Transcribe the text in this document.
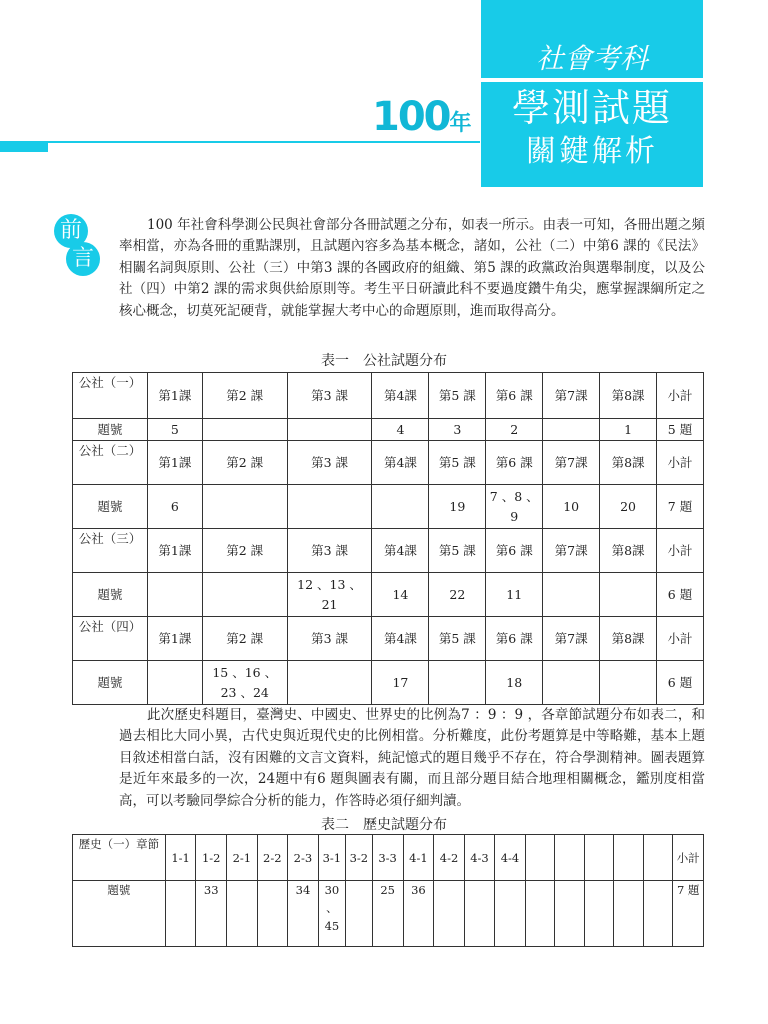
100年
社會考科
學測試題
關鍵解析
前
言

100 年社會科學測公民與社會部分各冊試題之分布，如表一所示。由表一可知，各冊出題之頻率相當，亦為各冊的重點課別，且試題內容多為基本概念，諸如，公社（二）中第6 課的《民法》相關名詞與原則、公社（三）中第3 課的各國政府的組織、第5 課的政黨政治與選舉制度，以及公社（四）中第2 課的需求與供給原則等。考生平日研讀此科不要過度鑽牛角尖，應掌握課綱所定之核心概念，切莫死記硬背，就能掌握大考中心的命題原則，進而取得高分。

表一　公社試題分布
公社（一）	第1課	第2 課	第3 課	第4課	第5 課	第6 課	第7課	第8課	小計
題號	5			4	3	2		1	5 題
公社（二）	第1課	第2 課	第3 課	第4課	第5 課	第6 課	第7課	第8課	小計
題號	6				19	7 、8 、9	10	20	7 題
公社（三）	第1課	第2 課	第3 課	第4課	第5 課	第6 課	第7課	第8課	小計
題號			12 、13 、21	14	22	11			6 題
公社（四）	第1課	第2 課	第3 課	第4課	第5 課	第6 課	第7課	第8課	小計
題號		15 、16 、23 、24		17		18			6 題

此次歷史科題目，臺灣史、中國史、世界史的比例為7 ：9 ：9 ，各章節試題分布如表二，和過去相比大同小異，古代史與近現代史的比例相當。分析難度，此份考題算是中等略難，基本上題目敘述相當白話，沒有困難的文言文資料，純記憶式的題目幾乎不存在，符合學測精神。圖表題算是近年來最多的一次，24題中有6 題與圖表有關，而且部分題目結合地理相關概念，鑑別度相當高，可以考驗同學綜合分析的能力，作答時必須仔細判讀。

表二　歷史試題分布
歷史（一）章節	1-1	1-2	2-1	2-2	2-3	3-1	3-2	3-3	4-1	4-2	4-3	4-4						小計
題號		33			34	30 、45		25	36									7 題
